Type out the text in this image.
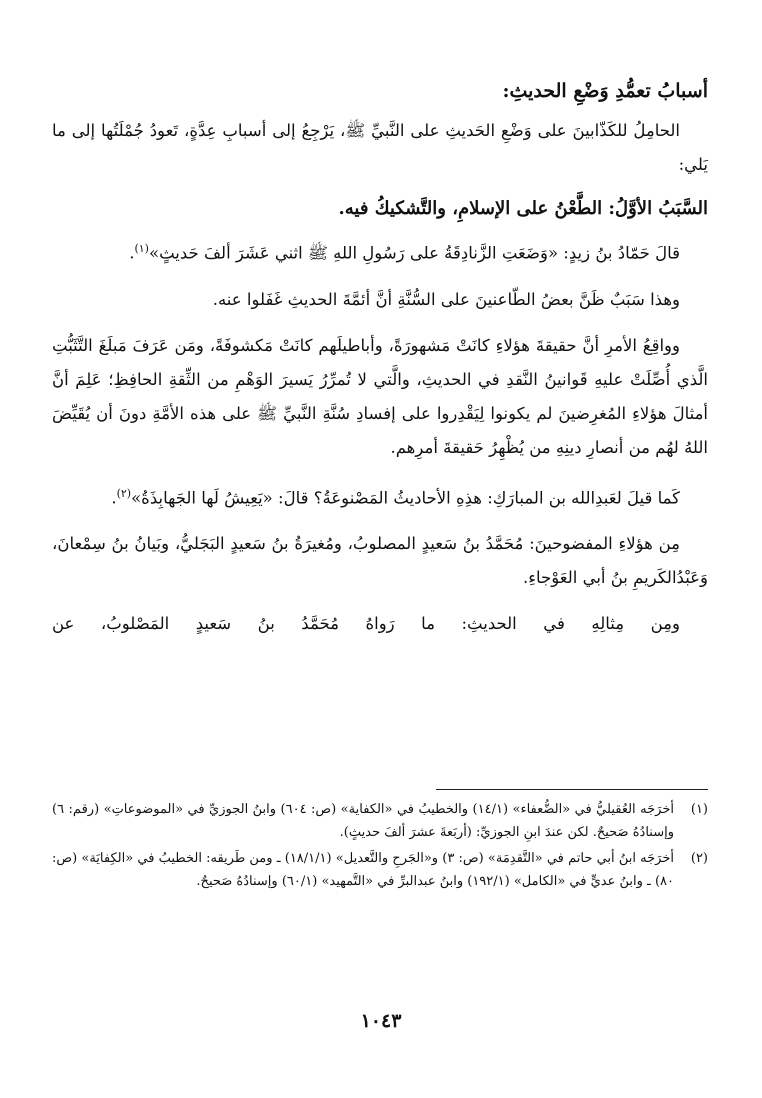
أسبابُ تعمُّدِ وَضْعِ الحديثِ:

الحامِلُ للكَذّابينَ على وَضْعِ الحَديثِ على النَّبيِّ ﷺ، يَرْجِعُ إلى أسبابِ عِدَّةٍ، تَعودُ جُمْلَتُها إلى ما يَلي:

السَّبَبُ الأوَّلُ: الطَّعْنُ على الإسلامِ، والتَّشكيكُ فيه.

قالَ حَمّادُ بنُ زيدٍ: «وَضَعَتِ الزَّنادِقَةُ على رَسُولِ اللهِ ﷺ اثني عَشَرَ ألفَ حَديثٍ»$^{(١)}$.

وهذا سَبَبٌ ظَنَّ بعضُ الطّاعنينَ على السُّنَّةِ أنَّ أئمَّةَ الحديثِ غَفَلوا عنه.

وواقِعُ الأمرِ أنَّ حقيقةَ هؤلاءِ كانَتْ مَشهورَةً، وأباطيلَهم كانَتْ مَكشوفَةً، ومَن عَرَفَ مَبلَغَ التَّثَبُّتِ الَّذي أُصِّلَتْ عليهِ قَوانينُ النَّقدِ في الحديثِ، والَّتي لا تُمرِّرُ يَسيرَ الوَهْمِ من الثِّقةِ الحافِظِ؛ عَلِمَ أنَّ أمثالَ هؤلاءِ المُغرِضينَ لم يكونوا لِيَقْدِروا على إفسادِ سُنَّةِ النَّبيِّ ﷺ على هذه الأمَّةِ دونَ أن يُقَيِّضَ اللهُ لهُم من أنصارِ دينِهِ من يُظْهِرُ حَقيقةَ أمرِهم.

كَما قيلَ لعَبدِالله بن المبارَكِ: هذِهِ الأحاديثُ المَصْنوعَةُ؟ قالَ: «يَعِيشُ لَها الجَهابِذَةُ»$^{(٢)}$.

مِن هؤلاءِ المفضوحينَ: مُحَمَّدُ بنُ سَعيدٍ المصلوبُ، ومُغيرَةُ بنُ سَعيدٍ البَجَليُّ، وبَيانُ بنُ سِمْعانَ، وَعَبْدُالكَريمِ بنُ أبي العَوْجاءِ.

ومِن مِثالِهِ في الحديثِ: ما رَواهُ مُحَمَّدُ بنُ سَعيدٍ المَصْلوبُ، عن

(١)
أخرَجَه العُقيليُّ في «الضُّعفاء» (١٤/١) والخطيبُ في «الكفاية» (ص: ٦٠٤) وابنُ الجوزيِّ في «الموضوعاتِ» (رقم: ٦) وإسنادُهُ صَحيحٌ. لكن عندَ ابنِ الجوزيِّ: (أربَعةَ عشرَ ألفَ حديثٍ).
(٢)
أخرَجَه ابنُ أبي حاتم في «التَّقدِمَة» (ص: ٣) و«الجَرحِ والتَّعديل» (١٨/١/١) ـ ومن طَريقه: الخطيبُ في «الكِفايَة» (ص: ٨٠) ـ وابنُ عديٍّ في «الكامل» (١٩٢/١) وابنُ عبدالبرِّ في «التَّمهيد» (٦٠/١) وإسنادُهُ صَحيحٌ.
١٠٤٣
